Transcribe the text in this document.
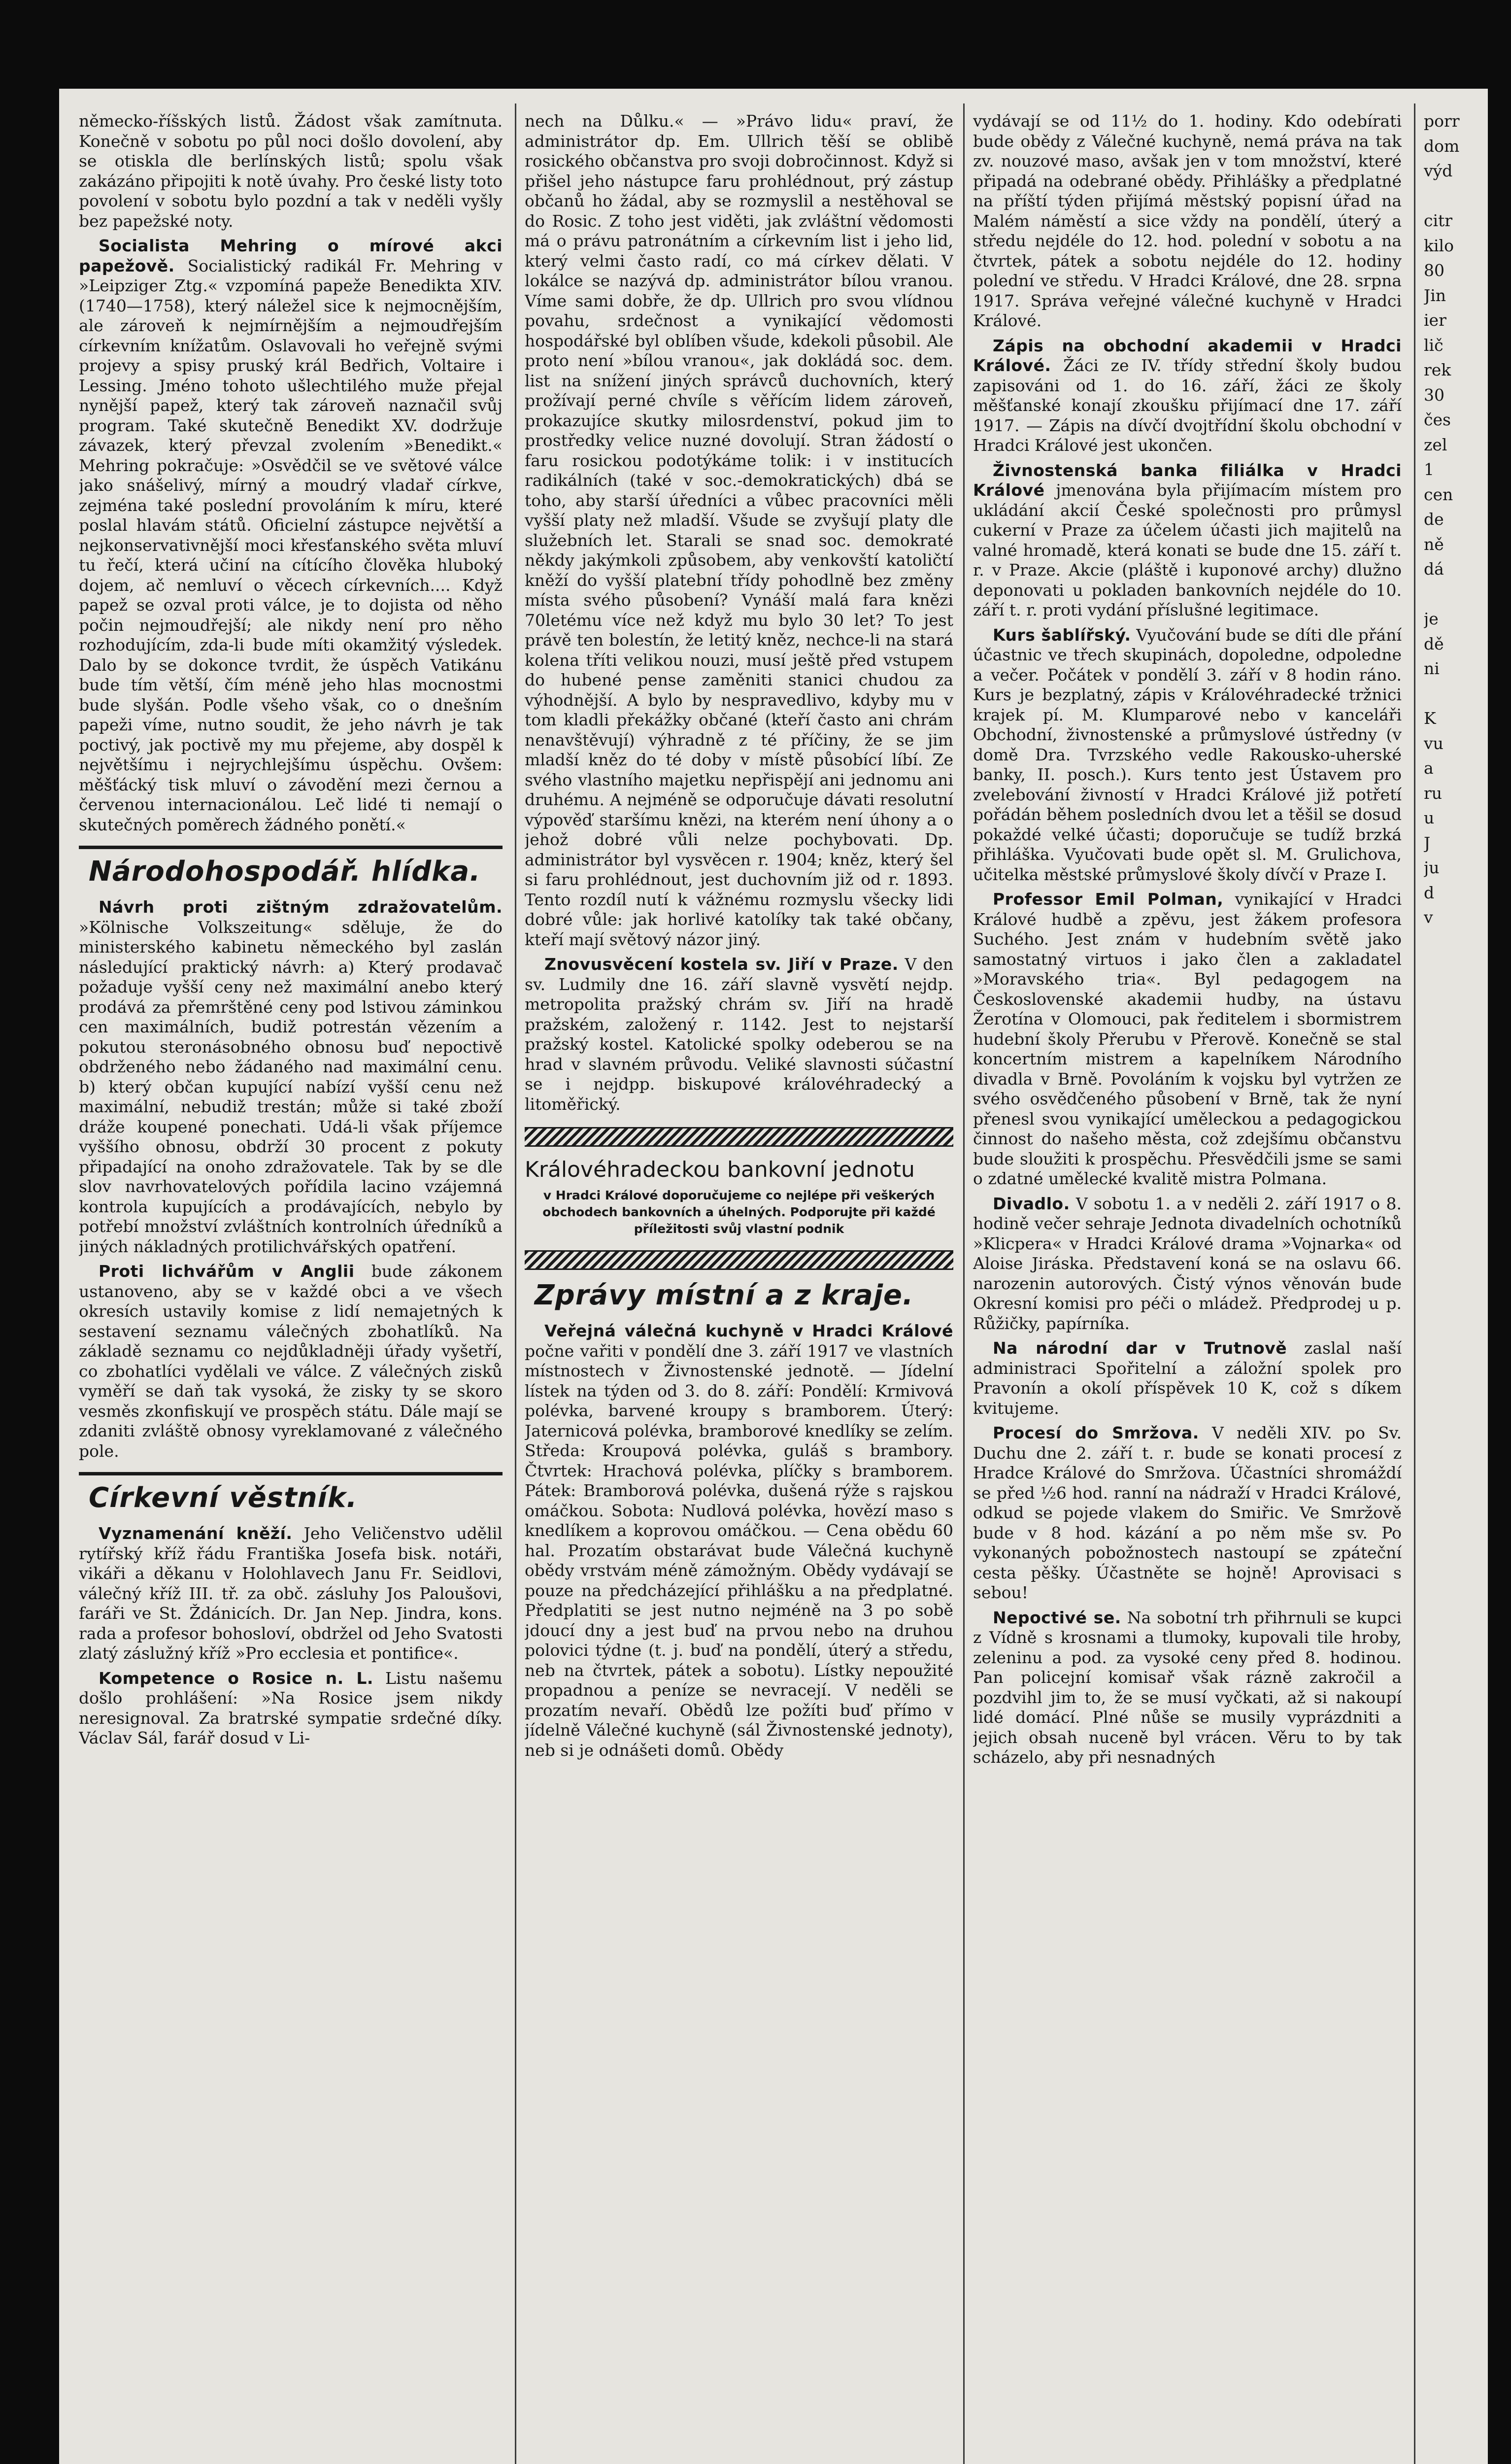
německo-říšských listů. Žádost však zamítnuta. Konečně v sobotu po půl noci došlo dovolení, aby se otiskla dle berlínských listů; spolu však zakázáno připojiti k notě úvahy. Pro české listy toto povolení v sobotu bylo pozdní a tak v neděli vyšly bez papežské noty.

Socialista Mehring o mírové akci papežově. Socialistický radikál Fr. Mehring v »Leipziger Ztg.« vzpomíná papeže Benedikta XIV. (1740—1758), který náležel sice k nejmocnějším, ale zároveň k nejmírnějším a nejmoudřejším církevním knížatům. Oslavovali ho veřejně svými projevy a spisy pruský král Bedřich, Voltaire i Lessing. Jméno tohoto ušlechtilého muže přejal nynější papež, který tak zároveň naznačil svůj program. Také skutečně Benedikt XV. dodržuje závazek, který převzal zvolením »Benedikt.« Mehring pokračuje: »Osvědčil se ve světové válce jako snášelivý, mírný a moudrý vladař církve, zejména také poslední provoláním k míru, které poslal hlavám států. Oficielní zástupce největší a nejkonservativnější moci křesťanského světa mluví tu řečí, která učiní na cítícího člověka hluboký dojem, ač nemluví o věcech církevních.... Když papež se ozval proti válce, je to dojista od něho počin nejmoudřejší; ale nikdy není pro něho rozhodujícím, zda-li bude míti okamžitý výsledek. Dalo by se dokonce tvrdit, že úspěch Vatikánu bude tím větší, čím méně jeho hlas mocnostmi bude slyšán. Podle všeho však, co o dnešním papeži víme, nutno soudit, že jeho návrh je tak poctivý, jak poctivě my mu přejeme, aby dospěl k největšímu i nejrychlejšímu úspěchu. Ovšem: měšťácký tisk mluví o závodění mezi černou a červenou internacionálou. Leč lidé ti nemají o skutečných poměrech žádného ponětí.«

Národohospodář. hlídka.

Návrh proti zištným zdražovatelům. »Kölnische Volkszeitung« sděluje, že do ministerského kabinetu německého byl zaslán následující praktický návrh: a) Který prodavač požaduje vyšší ceny než maximální anebo který prodává za přemrštěné ceny pod lstivou záminkou cen maximálních, budiž potrestán vězením a pokutou steronásobného obnosu buď nepoctivě obdrženého nebo žádaného nad maximální cenu. b) který občan kupující nabízí vyšší cenu než maximální, nebudiž trestán; může si také zboží dráže koupené ponechati. Udá-li však příjemce vyššího obnosu, obdrží 30 procent z pokuty připadající na onoho zdražovatele. Tak by se dle slov navrhovatelových pořídila lacino vzájemná kontrola kupujících a prodávajících, nebylo by potřebí množství zvláštních kontrolních úředníků a jiných nákladných protilichvářských opatření.

Proti lichvářům v Anglii bude zákonem ustanoveno, aby se v každé obci a ve všech okresích ustavily komise z lidí nemajetných k sestavení seznamu válečných zbohatlíků. Na základě seznamu co nejdůkladněji úřady vyšetří, co zbohatlíci vydělali ve válce. Z válečných zisků vyměří se daň tak vysoká, že zisky ty se skoro vesměs zkonfiskují ve prospěch státu. Dále mají se zdaniti zvláště obnosy vyreklamované z válečného pole.

Církevní věstník.

Vyznamenání kněží. Jeho Veličenstvo udělil rytířský kříž řádu Františka Josefa bisk. notáři, vikáři a děkanu v Holohlavech Janu Fr. Seidlovi, válečný kříž III. tř. za obč. zásluhy Jos Paloušovi, faráři ve St. Ždánicích. Dr. Jan Nep. Jindra, kons. rada a profesor bohosloví, obdržel od Jeho Svatosti zlatý záslužný kříž »Pro ecclesia et pontifice«.

Kompetence o Rosice n. L. Listu našemu došlo prohlášení: »Na Rosice jsem nikdy neresignoval. Za bratrské sympatie srdečné díky. Václav Sál, farář dosud v Li-

nech na Důlku.« — »Právo lidu« praví, že administrátor dp. Em. Ullrich těší se oblibě rosického občanstva pro svoji dobročinnost. Když si přišel jeho nástupce faru prohlédnout, prý zástup občanů ho žádal, aby se rozmyslil a nestěhoval se do Rosic. Z toho jest viděti, jak zvláštní vědomosti má o právu patronátním a církevním list i jeho lid, který velmi často radí, co má církev dělati. V lokálce se nazývá dp. administrátor bílou vranou. Víme sami dobře, že dp. Ullrich pro svou vlídnou povahu, srdečnost a vynikající vědomosti hospodářské byl oblíben všude, kdekoli působil. Ale proto není »bílou vranou«, jak dokládá soc. dem. list na snížení jiných správců duchovních, který prožívají perné chvíle s věřícím lidem zároveň, prokazujíce skutky milosrdenství, pokud jim to prostředky velice nuzné dovolují. Stran žádostí o faru rosickou podotýkáme tolik: i v institucích radikálních (také v soc.-demokratických) dbá se toho, aby starší úředníci a vůbec pracovníci měli vyšší platy než mladší. Všude se zvyšují platy dle služebních let. Starali se snad soc. demokraté někdy jakýmkoli způsobem, aby venkovští katoličtí kněží do vyšší platební třídy pohodlně bez změny místa svého působení? Vynáší malá fara knězi 70letému více než když mu bylo 30 let? To jest právě ten bolestín, že letitý kněz, nechce-li na stará kolena tříti velikou nouzi, musí ještě před vstupem do hubené pense zaměniti stanici chudou za výhodnější. A bylo by nespravedlivo, kdyby mu v tom kladli překážky občané (kteří často ani chrám nenavštěvují) výhradně z té příčiny, že se jim mladší kněz do té doby v místě působící líbí. Ze svého vlastního majetku nepřispějí ani jednomu ani druhému. A nejméně se odporučuje dávati resolutní výpověď staršímu knězi, na kterém není úhony a o jehož dobré vůli nelze pochybovati. Dp. administrátor byl vysvěcen r. 1904; kněz, který šel si faru prohlédnout, jest duchovním již od r. 1893. Tento rozdíl nutí k vážnému rozmyslu všecky lidi dobré vůle: jak horlivé katolíky tak také občany, kteří mají světový názor jiný.

Znovusvěcení kostela sv. Jiří v Praze. V den sv. Ludmily dne 16. září slavně vysvětí nejdp. metropolita pražský chrám sv. Jiří na hradě pražském, založený r. 1142. Jest to nejstarší pražský kostel. Katolické spolky odeberou se na hrad v slavném průvodu. Veliké slavnosti súčastní se i nejdpp. biskupové královéhradecký a litoměřický.

Královéhradeckou bankovní jednotu
v Hradci Králové doporučujeme co nejlépe při veškerých obchodech bankovních a úhelných. Podporujte při každé příležitosti svůj vlastní podnik
Zprávy místní a z kraje.

Veřejná válečná kuchyně v Hradci Králové počne vařiti v pondělí dne 3. září 1917 ve vlastních místnostech v Živnostenské jednotě. — Jídelní lístek na týden od 3. do 8. září: Pondělí: Krmivová polévka, barvené kroupy s bramborem. Úterý: Jaternicová polévka, bramborové knedlíky se zelím. Středa: Kroupová polévka, guláš s brambory. Čtvrtek: Hrachová polévka, plíčky s bramborem. Pátek: Bramborová polévka, dušená rýže s rajskou omáčkou. Sobota: Nudlová polévka, hovězí maso s knedlíkem a koprovou omáčkou. — Cena obědu 60 hal. Prozatím obstarávat bude Válečná kuchyně obědy vrstvám méně zámožným. Obědy vydávají se pouze na předcházející přihlášku a na předplatné. Předplatiti se jest nutno nejméně na 3 po sobě jdoucí dny a jest buď na prvou nebo na druhou polovici týdne (t. j. buď na pondělí, úterý a středu, neb na čtvrtek, pátek a sobotu). Lístky nepoužité propadnou a peníze se nevracejí. V neděli se prozatím nevaří. Obědů lze požíti buď přímo v jídelně Válečné kuchyně (sál Živnostenské jednoty), neb si je odnášeti domů. Obědy

vydávají se od 11½ do 1. hodiny. Kdo odebírati bude obědy z Válečné kuchyně, nemá práva na tak zv. nouzové maso, avšak jen v tom množství, které připadá na odebrané obědy. Přihlášky a předplatné na příští týden přijímá městský popisní úřad na Malém náměstí a sice vždy na pondělí, úterý a středu nejdéle do 12. hod. polední v sobotu a na čtvrtek, pátek a sobotu nejdéle do 12. hodiny polední ve středu. V Hradci Králové, dne 28. srpna 1917. Správa veřejné válečné kuchyně v Hradci Králové.

Zápis na obchodní akademii v Hradci Králové. Žáci ze IV. třídy střední školy budou zapisováni od 1. do 16. září, žáci ze školy měšťanské konají zkoušku přijímací dne 17. září 1917. — Zápis na dívčí dvojtřídní školu obchodní v Hradci Králové jest ukončen.

Živnostenská banka filiálka v Hradci Králové jmenována byla přijímacím místem pro ukládání akcií České společnosti pro průmysl cukerní v Praze za účelem účasti jich majitelů na valné hromadě, která konati se bude dne 15. září t. r. v Praze. Akcie (pláště i kuponové archy) dlužno deponovati u pokladen bankovních nejdéle do 10. září t. r. proti vydání příslušné legitimace.

Kurs šablířský. Vyučování bude se díti dle přání účastnic ve třech skupinách, dopoledne, odpoledne a večer. Počátek v pondělí 3. září v 8 hodin ráno. Kurs je bezplatný, zápis v Královéhradecké tržnici krajek pí. M. Klumparové nebo v kanceláři Obchodní, živnostenské a průmyslové ústředny (v domě Dra. Tvrzského vedle Rakousko-uherské banky, II. posch.). Kurs tento jest Ústavem pro zvelebování živností v Hradci Králové již potřetí pořádán během posledních dvou let a těšil se dosud pokaždé velké účasti; doporučuje se tudíž brzká přihláška. Vyučovati bude opět sl. M. Grulichova, učitelka městské průmyslové školy dívčí v Praze I.

Professor Emil Polman, vynikající v Hradci Králové hudbě a zpěvu, jest žákem profesora Suchého. Jest znám v hudebním světě jako samostatný virtuos i jako člen a zakladatel »Moravského tria«. Byl pedagogem na Československé akademii hudby, na ústavu Žerotína v Olomouci, pak ředitelem i sbormistrem hudební školy Přerubu v Přerově. Konečně se stal koncertním mistrem a kapelníkem Národního divadla v Brně. Povoláním k vojsku byl vytržen ze svého osvědčeného působení v Brně, tak že nyní přenesl svou vynikající uměleckou a pedagogickou činnost do našeho města, což zdejšímu občanstvu bude sloužiti k prospěchu. Přesvědčili jsme se sami o zdatné umělecké kvalitě mistra Polmana.

Divadlo. V sobotu 1. a v neděli 2. září 1917 o 8. hodině večer sehraje Jednota divadelních ochotníků »Klicpera« v Hradci Králové drama »Vojnarka« od Aloise Jiráska. Představení koná se na oslavu 66. narozenin autorových. Čistý výnos věnován bude Okresní komisi pro péči o mládež. Předprodej u p. Růžičky, papírníka.

Na národní dar v Trutnově zaslal naší administraci Spořitelní a záložní spolek pro Pravonín a okolí příspěvek 10 K, což s díkem kvitujeme.

Procesí do Smržova. V neděli XIV. po Sv. Duchu dne 2. září t. r. bude se konati procesí z Hradce Králové do Smržova. Účastníci shromáždí se před ½6 hod. ranní na nádraží v Hradci Králové, odkud se pojede vlakem do Smiřic. Ve Smržově bude v 8 hod. kázání a po něm mše sv. Po vykonaných pobožnostech nastoupí se zpáteční cesta pěšky. Účastněte se hojně! Aprovisaci s sebou!

Nepoctivé se. Na sobotní trh přihrnuli se kupci z Vídně s krosnami a tlumoky, kupovali tile hroby, zeleninu a pod. za vysoké ceny před 8. hodinou. Pan policejní komisař však rázně zakročil a pozdvihl jim to, že se musí vyčkati, až si nakoupí lidé domácí. Plné nůše se musily vyprázdniti a jejich obsah nuceně byl vrácen. Věru to by tak scházelo, aby při nesnadných

porr

dom

výd

citr

kilo

80

Jin

ier

lič

rek

30

čes

zel

1

cen

de

ně

dá

je

dě

ni

K

vu

a

ru

u

J

ju

d

v
